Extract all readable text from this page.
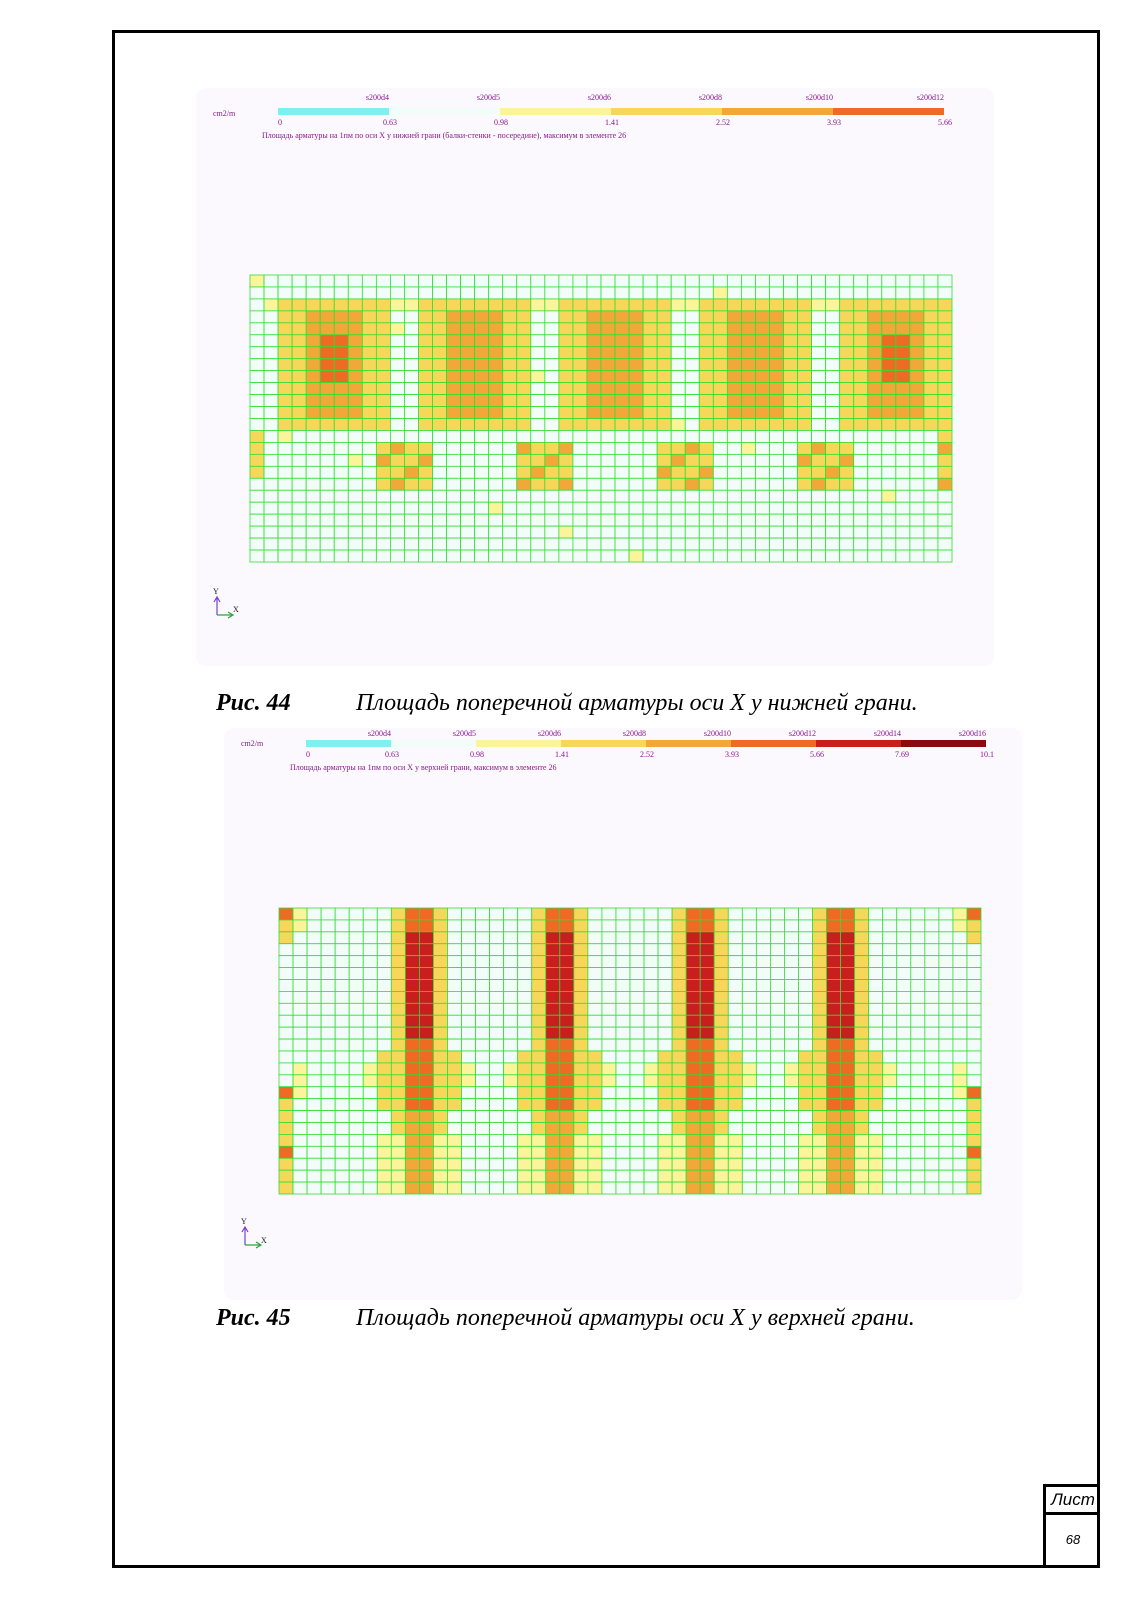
Лист
68
cm2/m
s200d4	s200d5	s200d6	s200d8	s200d10	s200d12
0	0.63	0.98	1.41	2.52	3.93	5.66
Площадь арматуры на 1пм по оси X у нижней грани (балки-стенки - посередине), максимум в элементе 26
Y
X
Рис. 44	Площадь поперечной арматуры оси X у нижней грани.
cm2/m
s200d4	s200d5	s200d6	s200d8	s200d10	s200d12	s200d14	s200d16
0	0.63	0.98	1.41	2.52	3.93	5.66	7.69	10.1
Площадь арматуры на 1пм по оси X у верхней грани, максимум в элементе 26
Y
X
Рис. 45	Площадь поперечной арматуры оси X у верхней грани.
